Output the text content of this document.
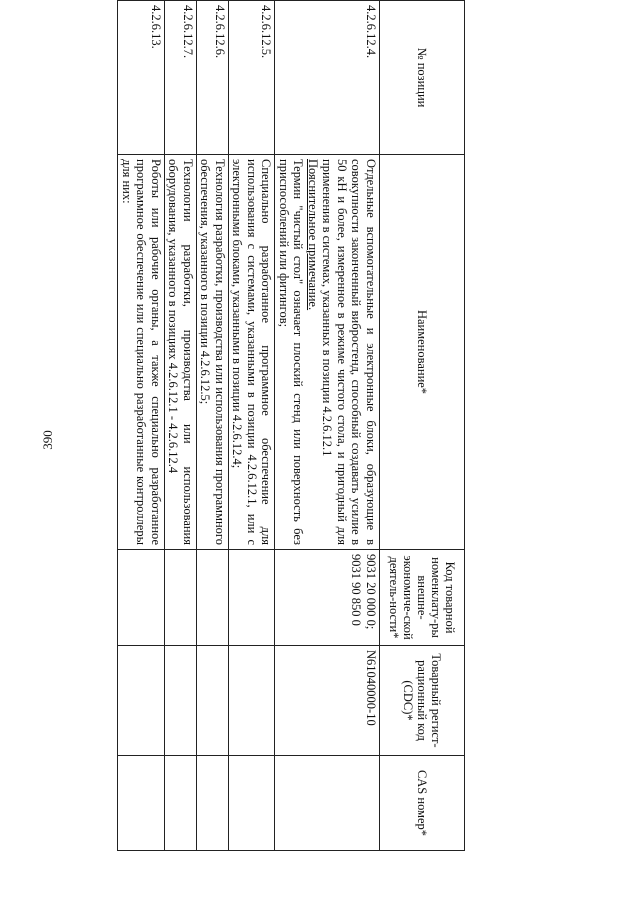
390
№ позиции	Наименование*	Код товарной номенклату-ры внешне-экономиче-ской деятель-ности*	Товарный регист-рационный код (CDC)*	CAS номер*
4.2.6.12.4.	Отдельные вспомогательные и электронные блоки, образующие в совокупности законченный вибростенд, способный создавать усилие в 50 кН и более, измеренное в режиме чистого стола, и пригодный для применения в системах, указанных в позиции 4.2.6.12.1

Пояснительное примечание.

Термин "чистый стол" означает плоский стенд или поверхность без приспособлений или фитингов;	9031 20 000 0; 9031 90 850 0	N61040000-10	
4.2.6.12.5.	Специально разработанное программное обеспечение для использования с системами, указанными в позиции 4.2.6.12.1, или с электронными блоками, указанными в позиции 4.2.6.12.4;			

4.2.6.12.6.	Технология разработки, производства или использования программного обеспечения, указанного в позиции 4.2.6.12.5;			

4.2.6.12.7.	Технологии разработки, производства или использования оборудования, указанного в позициях 4.2.6.12.1 - 4.2.6.12.4			

4.2.6.13.	Роботы или рабочие органы, а также специально разработанное программное обеспечение или специально разработанные контроллеры для них:			
